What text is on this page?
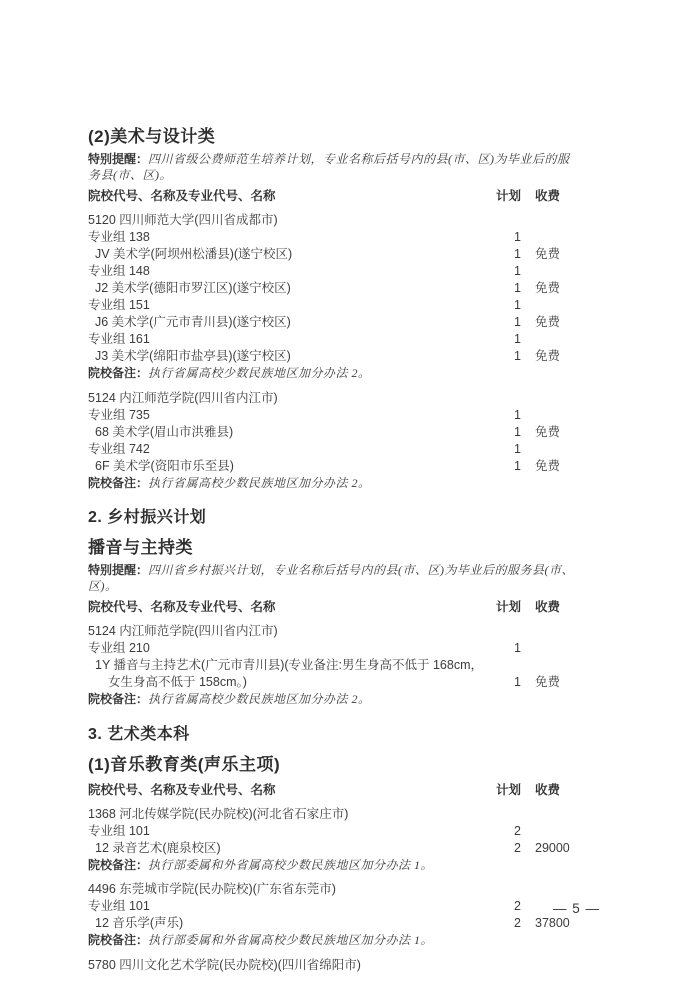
(2)美术与设计类
特别提醒：四川省级公费师范生培养计划，专业名称后括号内的县(市、区)为毕业后的服务县(市、区)。
院校代号、名称及专业代号、名称	计划	收费
5120 四川师范大学(四川省成都市)
专业组 138	1
JV 美术学(阿坝州松潘县)(遂宁校区)	1	免费
专业组 148	1
J2 美术学(德阳市罗江区)(遂宁校区)	1	免费
专业组 151	1
J6 美术学(广元市青川县)(遂宁校区)	1	免费
专业组 161	1
J3 美术学(绵阳市盐亭县)(遂宁校区)	1	免费
院校备注：执行省属高校少数民族地区加分办法 2。
5124 内江师范学院(四川省内江市)
专业组 735	1
68 美术学(眉山市洪雅县)	1	免费
专业组 742	1
6F 美术学(资阳市乐至县)	1	免费
院校备注：执行省属高校少数民族地区加分办法 2。
2. 乡村振兴计划
播音与主持类
特别提醒：四川省乡村振兴计划，专业名称后括号内的县(市、区)为毕业后的服务县(市、区)。
院校代号、名称及专业代号、名称	计划	收费
5124 内江师范学院(四川省内江市)
专业组 210	1
1Y 播音与主持艺术(广元市青川县)(专业备注:男生身高不低于 168cm，
女生身高不低于 158cm。)	1	免费
院校备注：执行省属高校少数民族地区加分办法 2。
3. 艺术类本科
(1)音乐教育类(声乐主项)
院校代号、名称及专业代号、名称	计划	收费
1368 河北传媒学院(民办院校)(河北省石家庄市)
专业组 101	2
12 录音艺术(鹿泉校区)	2	29000
院校备注：执行部委属和外省属高校少数民族地区加分办法 1。
4496 东莞城市学院(民办院校)(广东省东莞市)
专业组 101	2
12 音乐学(声乐)	2	37800
院校备注：执行部委属和外省属高校少数民族地区加分办法 1。
5780 四川文化艺术学院(民办院校)(四川省绵阳市)
— 5 —
